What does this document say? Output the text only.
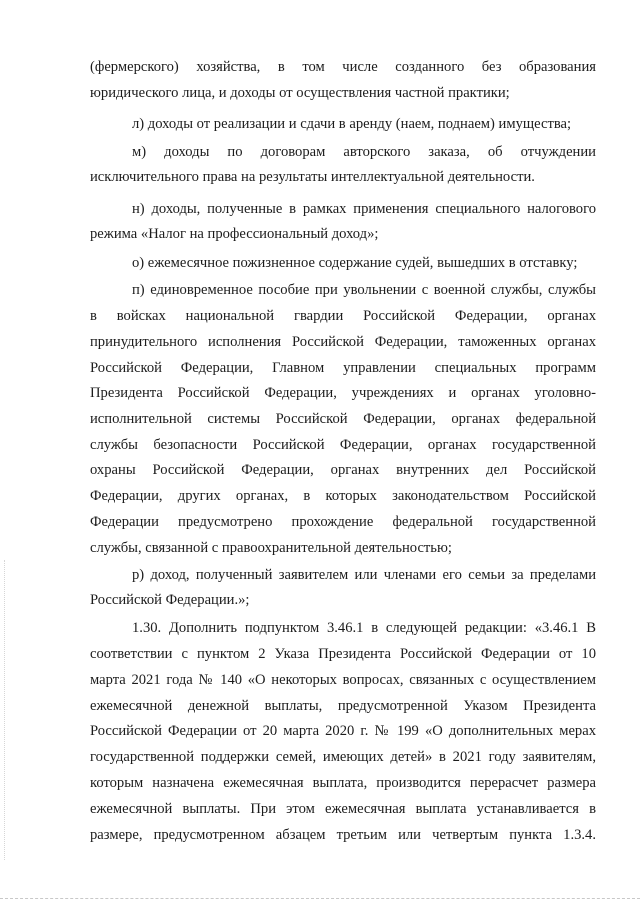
(фермерского) хозяйства, в том числе созданного без образования
юридического лица, и доходы от осуществления частной практики;
л) доходы от реализации и сдачи в аренду (наем, поднаем) имущества;
м) доходы по договорам авторского заказа, об отчуждении
исключительного права на результаты интеллектуальной деятельности.
н) доходы, полученные в рамках применения специального налогового
режима «Налог на профессиональный доход»;
о) ежемесячное пожизненное содержание судей, вышедших в отставку;
п) единовременное пособие при увольнении с военной службы, службы
в войсках национальной гвардии Российской Федерации, органах
принудительного исполнения Российской Федерации, таможенных органах
Российской Федерации, Главном управлении специальных программ
Президента Российской Федерации, учреждениях и органах уголовно-
исполнительной системы Российской Федерации, органах федеральной
службы безопасности Российской Федерации, органах государственной
охраны Российской Федерации, органах внутренних дел Российской
Федерации, других органах, в которых законодательством Российской
Федерации предусмотрено прохождение федеральной государственной
службы, связанной с правоохранительной деятельностью;
р) доход, полученный заявителем или членами его семьи за пределами
Российской Федерации.»;
1.30. Дополнить подпунктом 3.46.1 в следующей редакции: «3.46.1 В
соответствии с пунктом 2 Указа Президента Российской Федерации от 10
марта 2021 года № 140 «О некоторых вопросах, связанных с осуществлением
ежемесячной денежной выплаты, предусмотренной Указом Президента
Российской Федерации от 20 марта 2020 г. № 199 «О дополнительных мерах
государственной поддержки семей, имеющих детей» в 2021 году заявителям,
которым назначена ежемесячная выплата, производится перерасчет размера
ежемесячной выплаты. При этом ежемесячная выплата устанавливается в
размере, предусмотренном абзацем третьим или четвертым пункта 1.3.4.
